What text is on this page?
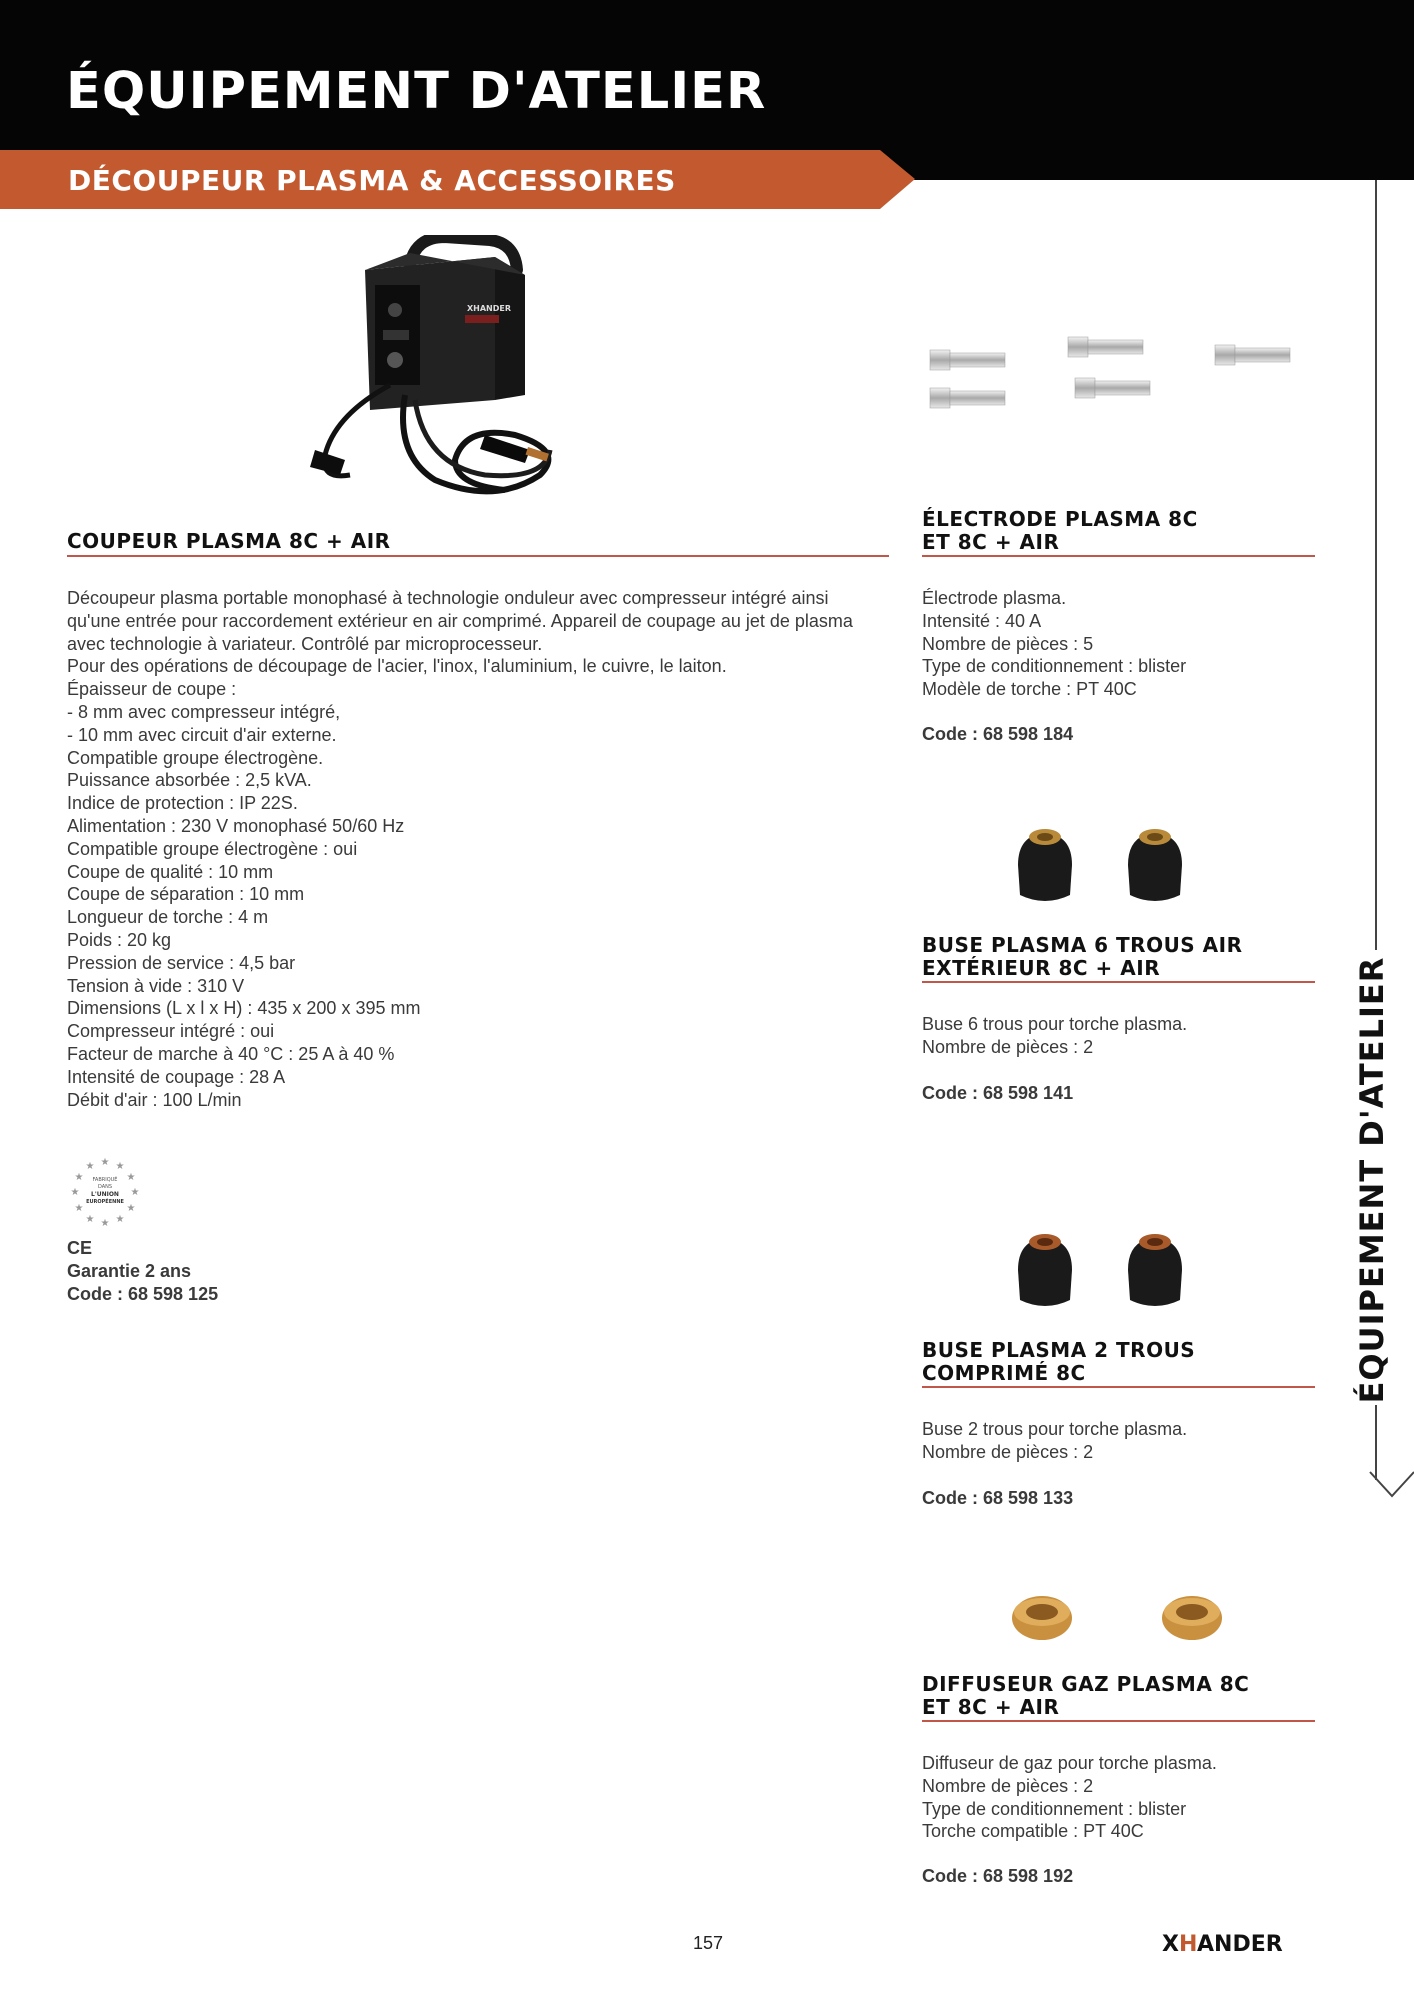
ÉQUIPEMENT D'ATELIER
DÉCOUPEUR PLASMA & ACCESSOIRES
ÉQUIPEMENT D'ATELIER
XHANDER
COUPEUR PLASMA 8C + AIR
Découpeur plasma portable monophasé à technologie onduleur avec compresseur intégré ainsi
qu'une entrée pour raccordement extérieur en air comprimé. Appareil de coupage au jet de plasma
avec technologie à variateur. Contrôlé par microprocesseur.
Pour des opérations de découpage de l'acier, l'inox, l'aluminium, le cuivre, le laiton.
Épaisseur de coupe :
- 8 mm avec compresseur intégré,
- 10 mm avec circuit d'air externe.
Compatible groupe électrogène.
Puissance absorbée : 2,5 kVA.
Indice de protection : IP 22S.
Alimentation : 230 V monophasé 50/60 Hz
Compatible groupe électrogène : oui
Coupe de qualité : 10 mm
Coupe de séparation : 10 mm
Longueur de torche : 4 m
Poids : 20 kg
Pression de service : 4,5 bar
Tension à vide : 310 V
Dimensions (L x l x H) : 435 x 200 x 395 mm
Compresseur intégré : oui
Facteur de marche à 40 °C : 25 A à 40 %
Intensité de coupage : 28 A
Débit d'air : 100 L/min
★ ★
★
★
★
★
★
★
★
★
★
★
FABRIQUÉ
DANS
L'UNION
EUROPÉENNE
CE
Garantie 2 ans
Code : 68 598 125
ÉLECTRODE PLASMA 8C
ET 8C + AIR
Électrode plasma.
Intensité : 40 A
Nombre de pièces : 5
Type de conditionnement : blister
Modèle de torche : PT 40C
Code : 68 598 184
BUSE PLASMA 6 TROUS AIR
EXTÉRIEUR 8C + AIR
Buse 6 trous pour torche plasma.
Nombre de pièces : 2
Code : 68 598 141
BUSE PLASMA 2 TROUS
COMPRIMÉ 8C
Buse 2 trous pour torche plasma.
Nombre de pièces : 2
Code : 68 598 133
DIFFUSEUR GAZ PLASMA 8C
ET 8C + AIR
Diffuseur de gaz pour torche plasma.
Nombre de pièces : 2
Type de conditionnement : blister
Torche compatible : PT 40C
Code : 68 598 192
157	X H ANDER
